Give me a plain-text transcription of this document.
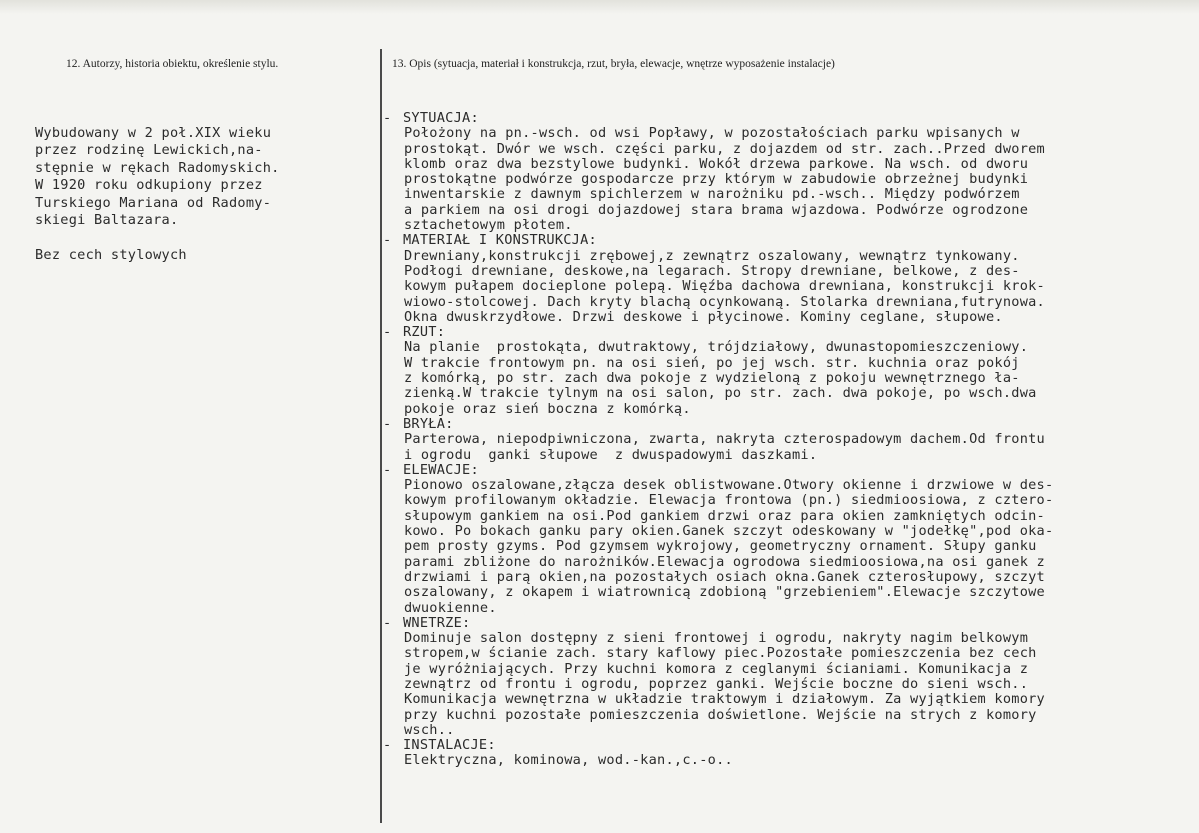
12. Autorzy, historia obiektu, określenie stylu.	13. Opis (sytuacja, materiał i konstrukcja, rzut, bryła, elewacje, wnętrze wyposażenie instalacje)
Wybudowany w 2 poł.XIX wieku
przez rodzinę Lewickich,na-
stępnie w rękach Radomyskich.
W 1920 roku odkupiony przez
Turskiego Mariana od Radomy-
skiegi Baltazara.
Bez cech stylowych
- SYTUACJA:
Położony na pn.-wsch. od wsi Popławy, w pozostałościach parku wpisanych w
prostokąt. Dwór we wsch. części parku, z dojazdem od str. zach..Przed dworem
klomb oraz dwa bezstylowe budynki. Wokół drzewa parkowe. Na wsch. od dworu
prostokątne podwórze gospodarcze przy którym w zabudowie obrzeżnej budynki
inwentarskie z dawnym spichlerzem w narożniku pd.-wsch.. Między podwórzem
a parkiem na osi drogi dojazdowej stara brama wjazdowa. Podwórze ogrodzone
sztachetowym płotem.
- MATERIAŁ I KONSTRUKCJA:
Drewniany,konstrukcji zrębowej,z zewnątrz oszalowany, wewnątrz tynkowany.
Podłogi drewniane, deskowe,na legarach. Stropy drewniane, belkowe, z des-
kowym pułapem docieplone polepą. Więźba dachowa drewniana, konstrukcji krok-
wiowo-stolcowej. Dach kryty blachą ocynkowaną. Stolarka drewniana,futrynowa.
Okna dwuskrzydłowe. Drzwi deskowe i płycinowe. Kominy ceglane, słupowe.
- RZUT:
Na planie  prostokąta, dwutraktowy, trójdziałowy, dwunastopomieszczeniowy.
W trakcie frontowym pn. na osi sień, po jej wsch. str. kuchnia oraz pokój
z komórką, po str. zach dwa pokoje z wydzieloną z pokoju wewnętrznego ła-
zienką.W trakcie tylnym na osi salon, po str. zach. dwa pokoje, po wsch.dwa
pokoje oraz sień boczna z komórką.
- BRYŁA:
Parterowa, niepodpiwniczona, zwarta, nakryta czterospadowym dachem.Od frontu
i ogrodu  ganki słupowe  z dwuspadowymi daszkami.
- ELEWACJE:
Pionowo oszalowane,złącza desek oblistwowane.Otwory okienne i drzwiowe w des-
kowym profilowanym okładzie. Elewacja frontowa (pn.) siedmioosiowa, z cztero-
słupowym gankiem na osi.Pod gankiem drzwi oraz para okien zamkniętych odcin-
kowo. Po bokach ganku pary okien.Ganek szczyt odeskowany w "jodełkę",pod oka-
pem prosty gzyms. Pod gzymsem wykrojowy, geometryczny ornament. Słupy ganku
parami zbliżone do narożników.Elewacja ogrodowa siedmioosiowa,na osi ganek z
drzwiami i parą okien,na pozostałych osiach okna.Ganek czterosłupowy, szczyt
oszalowany, z okapem i wiatrownicą zdobioną "grzebieniem".Elewacje szczytowe
dwuokienne.
- WNETRZE:
Dominuje salon dostępny z sieni frontowej i ogrodu, nakryty nagim belkowym
stropem,w ścianie zach. stary kaflowy piec.Pozostałe pomieszczenia bez cech
je wyróżniających. Przy kuchni komora z ceglanymi ścianiami. Komunikacja z
zewnątrz od frontu i ogrodu, poprzez ganki. Wejście boczne do sieni wsch..
Komunikacja wewnętrzna w układzie traktowym i działowym. Za wyjątkiem komory
przy kuchni pozostałe pomieszczenia doświetlone. Wejście na strych z komory
wsch..
- INSTALACJE:
Elektryczna, kominowa, wod.-kan.,c.-o..
